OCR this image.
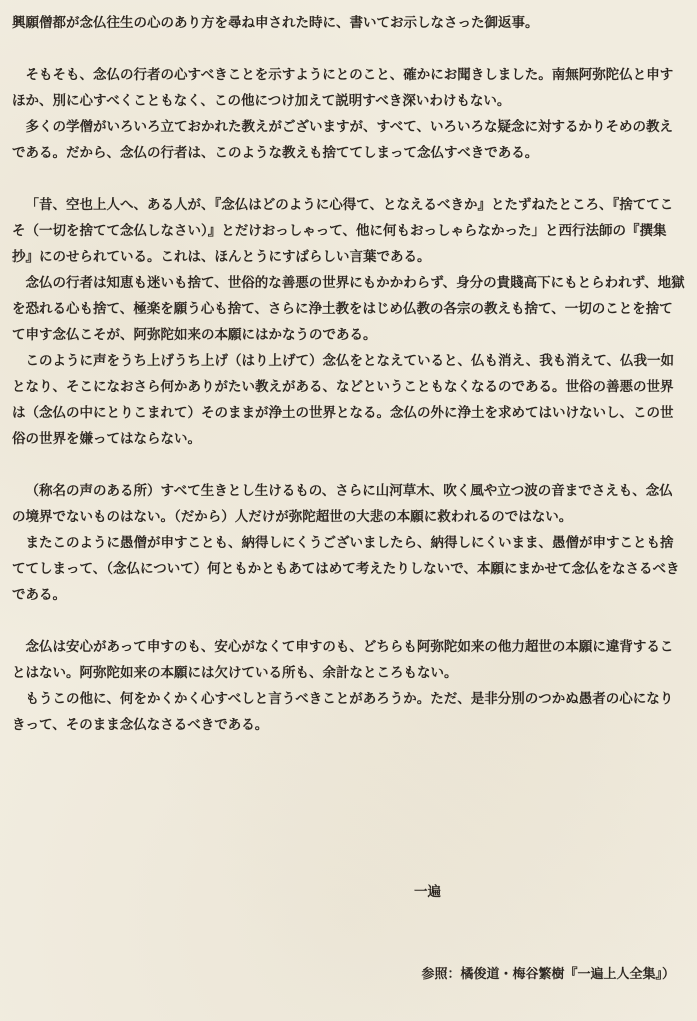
興願僧都が念仏往生の心のあり方を尋ね申された時に、書いてお示しなさった御返事。

そもそも、念仏の行者の心すべきことを示すようにとのこと、確かにお聞きしました。南無阿弥陀仏と申すほか、別に心すべくこともなく、この他につけ加えて説明すべき深いわけもない。

多くの学僧がいろいろ立ておかれた教えがございますが、すべて、いろいろな疑念に対するかりそめの教えである。だから、念仏の行者は、このような教えも捨ててしまって念仏すべきである。

「昔、空也上人へ、ある人が、『念仏はどのように心得て、となえるべきか』とたずねたところ、『捨ててこそ（一切を捨てて念仏しなさい）』とだけおっしゃって、他に何もおっしゃらなかった」と西行法師の『撰集抄』にのせられている。これは、ほんとうにすばらしい言葉である。

念仏の行者は知恵も迷いも捨て、世俗的な善悪の世界にもかかわらず、身分の貴賤高下にもとらわれず、地獄を恐れる心も捨て、極楽を願う心も捨て、さらに浄土教をはじめ仏教の各宗の教えも捨て、一切のことを捨てて申す念仏こそが、阿弥陀如来の本願にはかなうのである。

このように声をうち上げうち上げ（はり上げて）念仏をとなえていると、仏も消え、我も消えて、仏我一如となり、そこになおさら何かありがたい教えがある、などということもなくなるのである。世俗の善悪の世界は（念仏の中にとりこまれて）そのままが浄土の世界となる。念仏の外に浄土を求めてはいけないし、この世俗の世界を嫌ってはならない。

（称名の声のある所）すべて生きとし生けるもの、さらに山河草木、吹く風や立つ波の音までさえも、念仏の境界でないものはない。（だから）人だけが弥陀超世の大悲の本願に救われるのではない。

またこのように愚僧が申すことも、納得しにくうございましたら、納得しにくいまま、愚僧が申すことも捨ててしまって、（念仏について）何ともかともあてはめて考えたりしないで、本願にまかせて念仏をなさるべきである。

念仏は安心があって申すのも、安心がなくて申すのも、どちらも阿弥陀如来の他力超世の本願に違背することはない。阿弥陀如来の本願には欠けている所も、余計なところもない。

もうこの他に、何をかくかく心すべしと言うべきことがあろうか。ただ、是非分別のつかぬ愚者の心になりきって、そのまま念仏なさるべきである。

一遍
参照：橘俊道・梅谷繁樹『一遍上人全集』）
